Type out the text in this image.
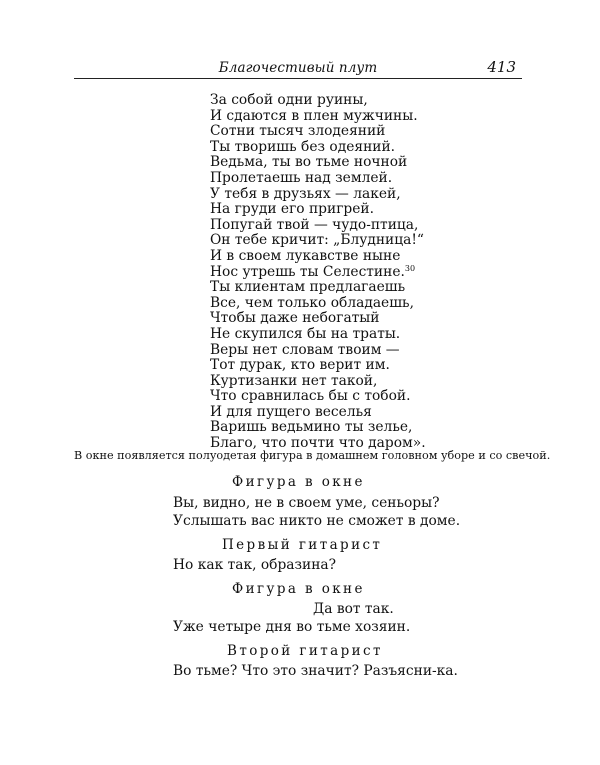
Благочестивый плут	413
За собой одни руины,
И сдаются в плен мужчины.
Сотни тысяч злодеяний
Ты творишь без одеяний.
Ведьма, ты во тьме ночной
Пролетаешь над землей.
У тебя в друзьях — лакей,
На груди его пригрей.
Попугай твой — чудо-птица,
Он тебе кричит: „Блудница!“
И в своем лукавстве ныне
Нос утрешь ты Селестине.$^{30}$
Ты клиентам предлагаешь
Все, чем только обладаешь,
Чтобы даже небогатый
Не скупился бы на траты.
Веры нет словам твоим —
Тот дурак, кто верит им.
Куртизанки нет такой,
Что сравнилась бы с тобой.
И для пущего веселья
Варишь ведьмино ты зелье,
Благо, что почти что даром».
В окне появляется полуодетая фигура в домашнем головном уборе и со свечой.
Фигура в окне
Вы, видно, не в своем уме, сеньоры?
Услышать вас никто не сможет в доме.
Первый гитарист
Но как так, образина?
Фигура в окне
Да вот так.
Уже четыре дня во тьме хозяин.
Второй гитарист
Во тьме? Что это значит? Разъясни-ка.
